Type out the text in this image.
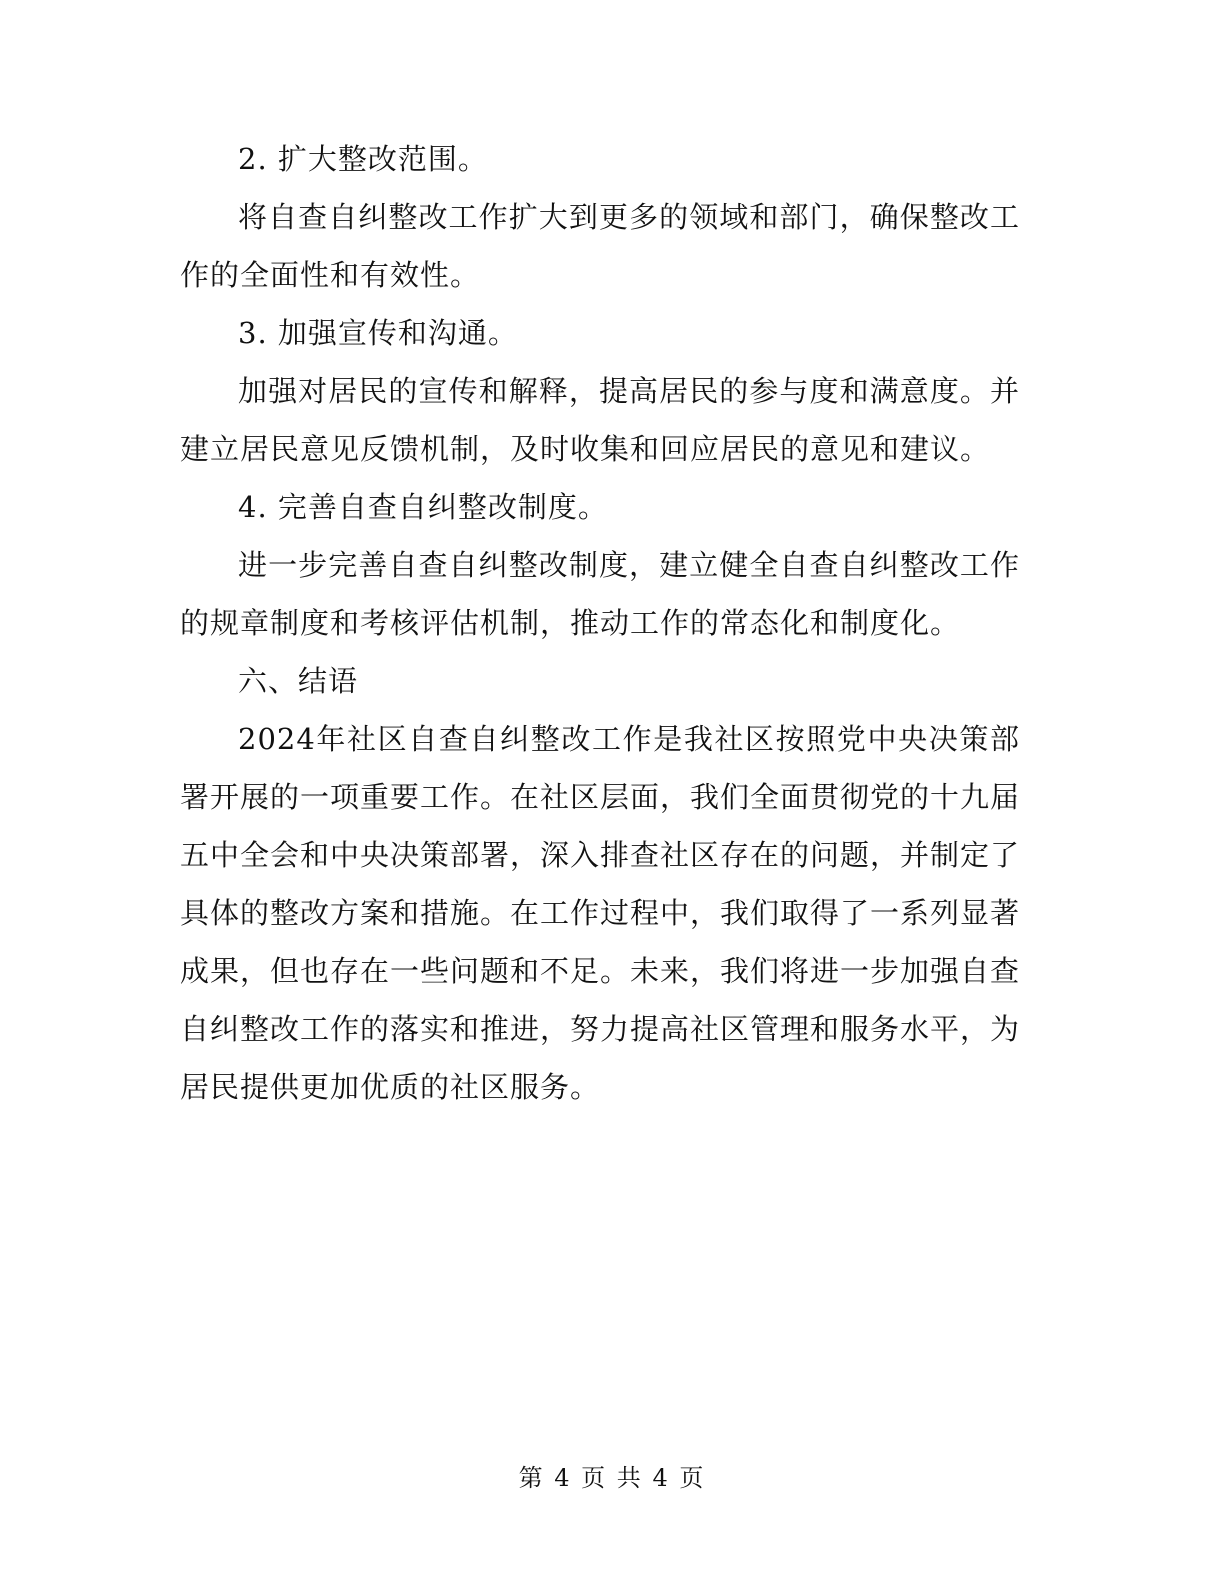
2. 扩大整改范围。

将自查自纠整改工作扩大到更多的领域和部门，确保整改工作的全面性和有效性。

3. 加强宣传和沟通。

加强对居民的宣传和解释，提高居民的参与度和满意度。并建立居民意见反馈机制，及时收集和回应居民的意见和建议。

4. 完善自查自纠整改制度。

进一步完善自查自纠整改制度，建立健全自查自纠整改工作的规章制度和考核评估机制，推动工作的常态化和制度化。

六、结语

2024年社区自查自纠整改工作是我社区按照党中央决策部署开展的一项重要工作。在社区层面，我们全面贯彻党的十九届五中全会和中央决策部署，深入排查社区存在的问题，并制定了具体的整改方案和措施。在工作过程中，我们取得了一系列显著成果，但也存在一些问题和不足。未来，我们将进一步加强自查自纠整改工作的落实和推进，努力提高社区管理和服务水平，为居民提供更加优质的社区服务。

第 4 页 共 4 页
